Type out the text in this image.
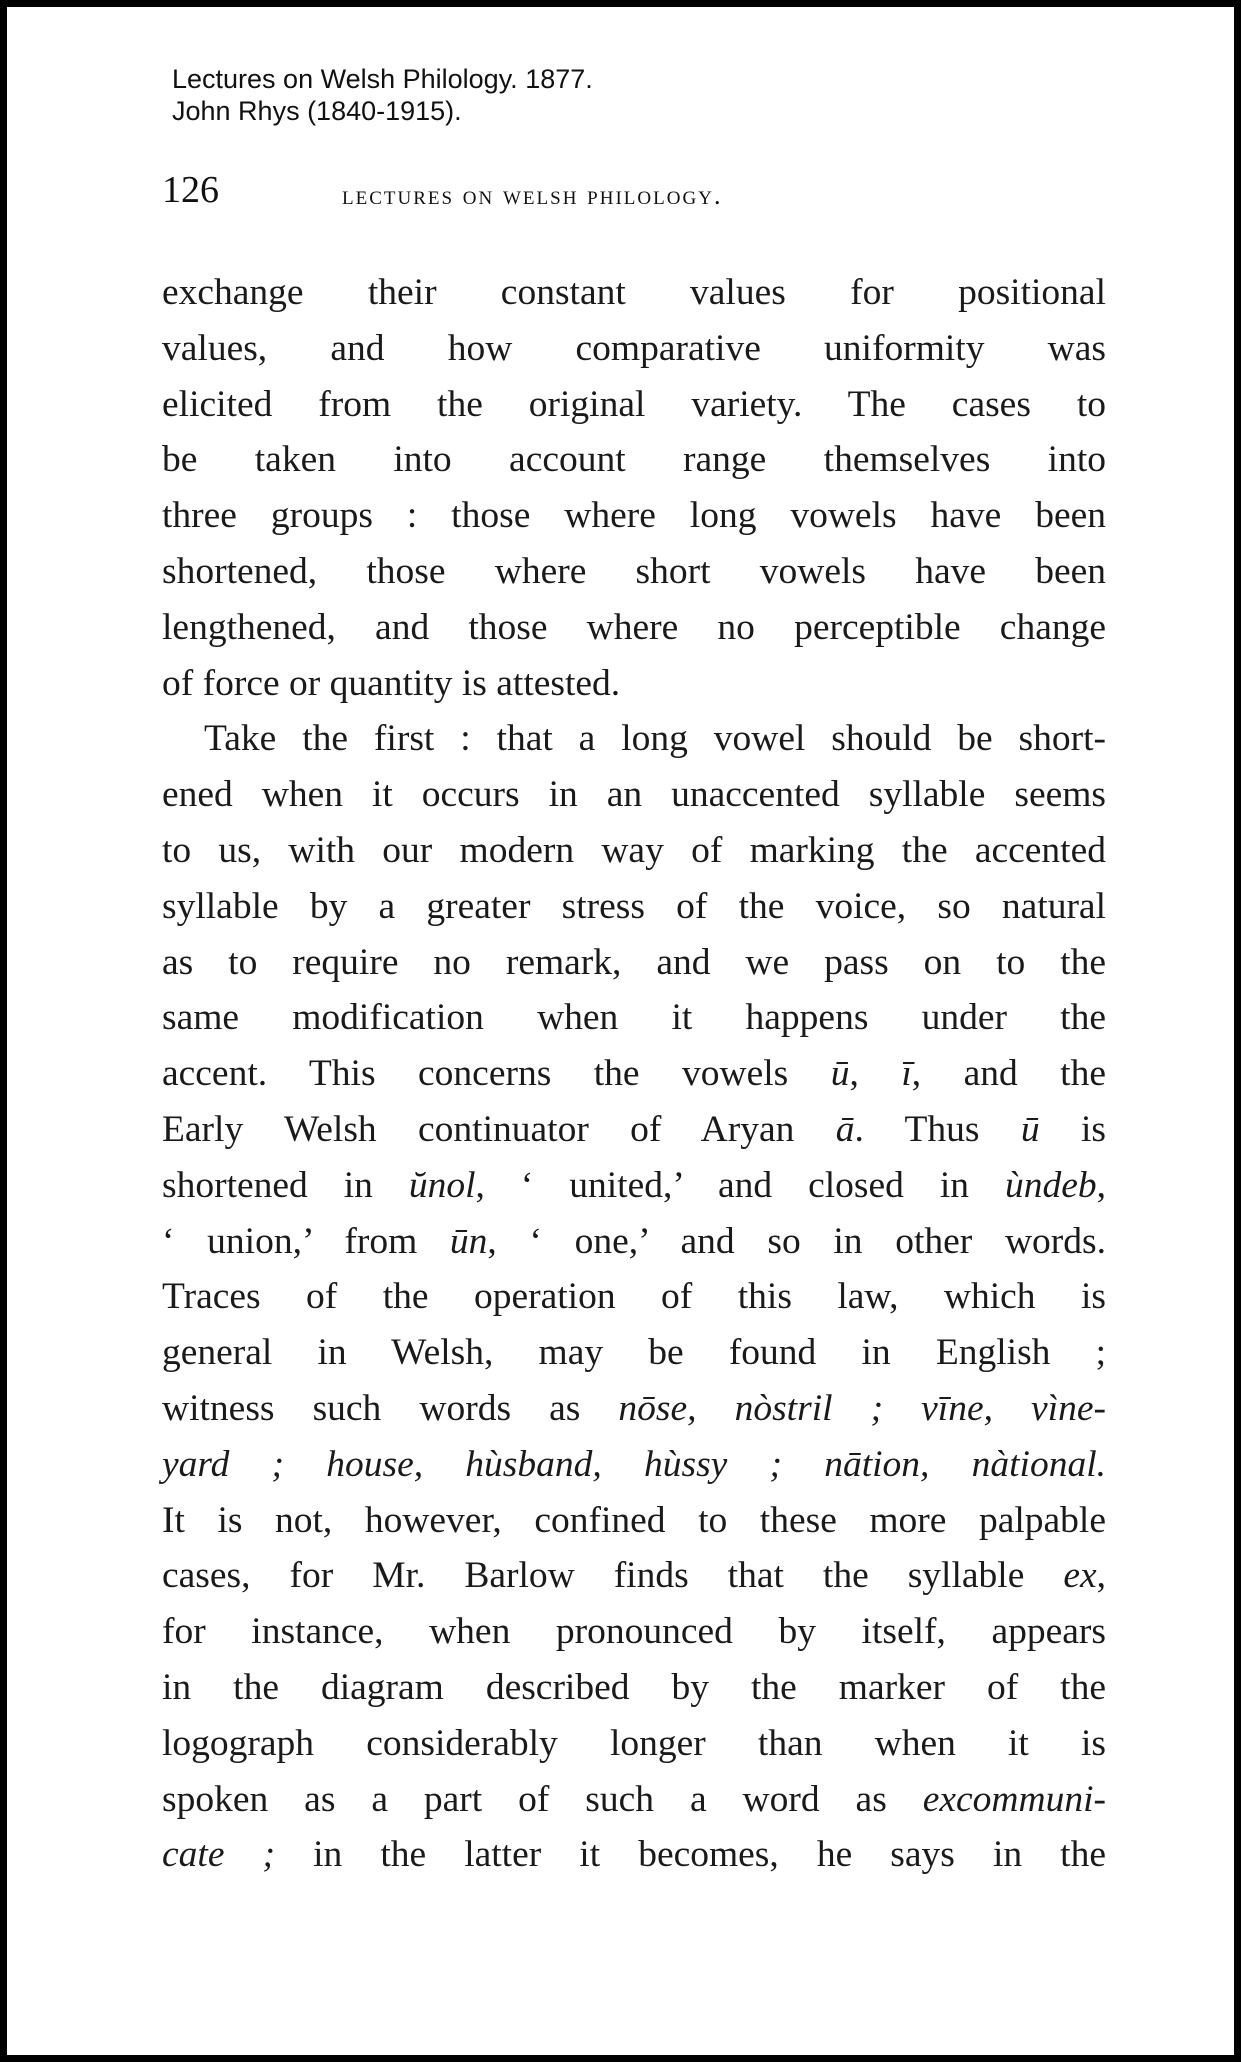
Lectures on Welsh Philology. 1877.
John Rhys (1840-1915).
126	lectures on welsh philology.
exchange their constant values for positional
values, and how comparative uniformity was
elicited from the original variety. The cases to
be taken into account range themselves into
three groups : those where long vowels have been
shortened, those where short vowels have been
lengthened, and those where no perceptible change
of force or quantity is attested.
Take the first : that a long vowel should be short-
ened when it occurs in an unaccented syllable seems
to us, with our modern way of marking the accented
syllable by a greater stress of the voice, so natural
as to require no remark, and we pass on to the
same modification when it happens under the
accent. This concerns the vowels ū, ī, and the
Early Welsh continuator of Aryan ā. Thus ū is
shortened in ŭnol, ‘ united,’ and closed in ùndeb,
‘ union,’ from ūn, ‘ one,’ and so in other words.
Traces of the operation of this law, which is
general in Welsh, may be found in English ;
witness such words as nōse, nòstril ; vīne, vìne-
yard ; house, hùsband, hùssy ; nātion, nàtional.
It is not, however, confined to these more palpable
cases, for Mr. Barlow finds that the syllable ex,
for instance, when pronounced by itself, appears
in the diagram described by the marker of the
logograph considerably longer than when it is
spoken as a part of such a word as excommuni-
cate ; in the latter it becomes, he says in the
